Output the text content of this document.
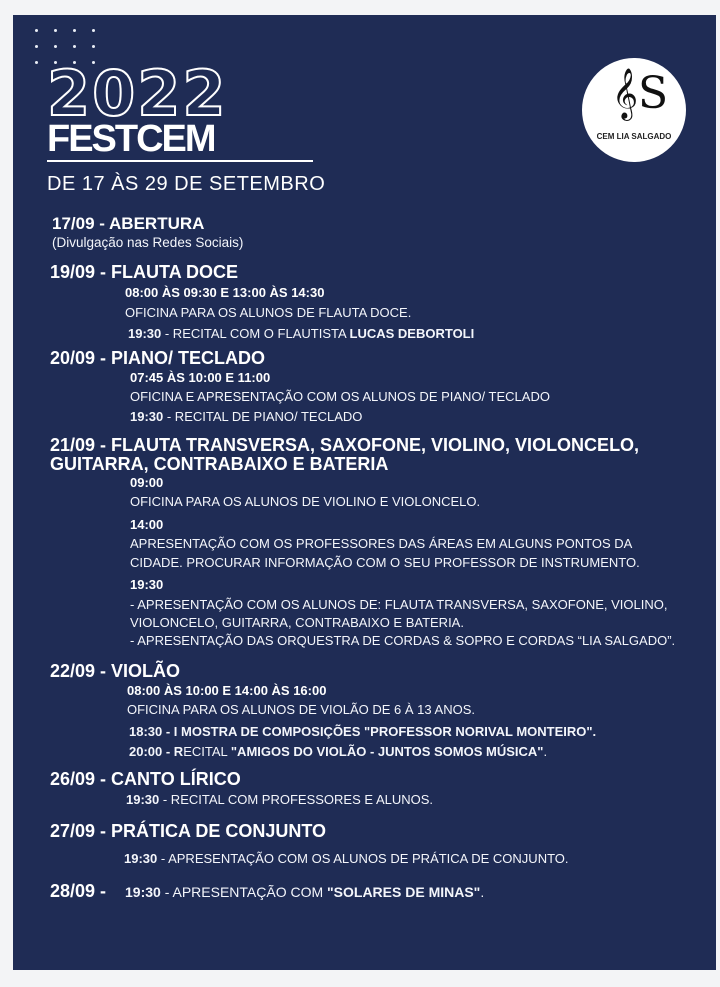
2022
FESTCEM
DE 17 ÀS 29 DE SETEMBRO
𝄞S
CEM LIA SALGADO
17/09 - ABERTURA
(Divulgação nas Redes Sociais)
19/09 - FLAUTA DOCE
08:00 ÀS 09:30 E 13:00 ÀS 14:30
OFICINA PARA OS ALUNOS DE FLAUTA DOCE.
19:30 - RECITAL COM O FLAUTISTA LUCAS DEBORTOLI
20/09 - PIANO/ TECLADO
07:45 ÀS 10:00 E 11:00
OFICINA E APRESENTAÇÃO COM OS ALUNOS DE PIANO/ TECLADO
19:30 - RECITAL DE PIANO/ TECLADO
21/09 - FLAUTA TRANSVERSA, SAXOFONE, VIOLINO, VIOLONCELO,
GUITARRA, CONTRABAIXO E BATERIA
09:00
OFICINA PARA OS ALUNOS DE VIOLINO E VIOLONCELO.
14:00
APRESENTAÇÃO COM OS PROFESSORES DAS ÁREAS EM ALGUNS PONTOS DA
CIDADE. PROCURAR INFORMAÇÃO COM O SEU PROFESSOR DE INSTRUMENTO.
19:30
- APRESENTAÇÃO COM OS ALUNOS DE: FLAUTA TRANSVERSA, SAXOFONE, VIOLINO,
VIOLONCELO, GUITARRA, CONTRABAIXO E BATERIA.
- APRESENTAÇÃO DAS ORQUESTRA DE CORDAS & SOPRO E CORDAS “LIA SALGADO”.
22/09 - VIOLÃO
08:00 ÀS 10:00 E 14:00 ÀS 16:00
OFICINA PARA OS ALUNOS DE VIOLÃO DE 6 À 13 ANOS.
18:30 - I MOSTRA DE COMPOSIÇÕES "PROFESSOR NORIVAL MONTEIRO".
20:00 - RECITAL "AMIGOS DO VIOLÃO - JUNTOS SOMOS MÚSICA".
26/09 - CANTO LÍRICO
19:30 - RECITAL COM PROFESSORES E ALUNOS.
27/09 - PRÁTICA DE CONJUNTO
19:30 - APRESENTAÇÃO COM OS ALUNOS DE PRÁTICA DE CONJUNTO.
28/09 - 19:30 - APRESENTAÇÃO COM "SOLARES DE MINAS".
